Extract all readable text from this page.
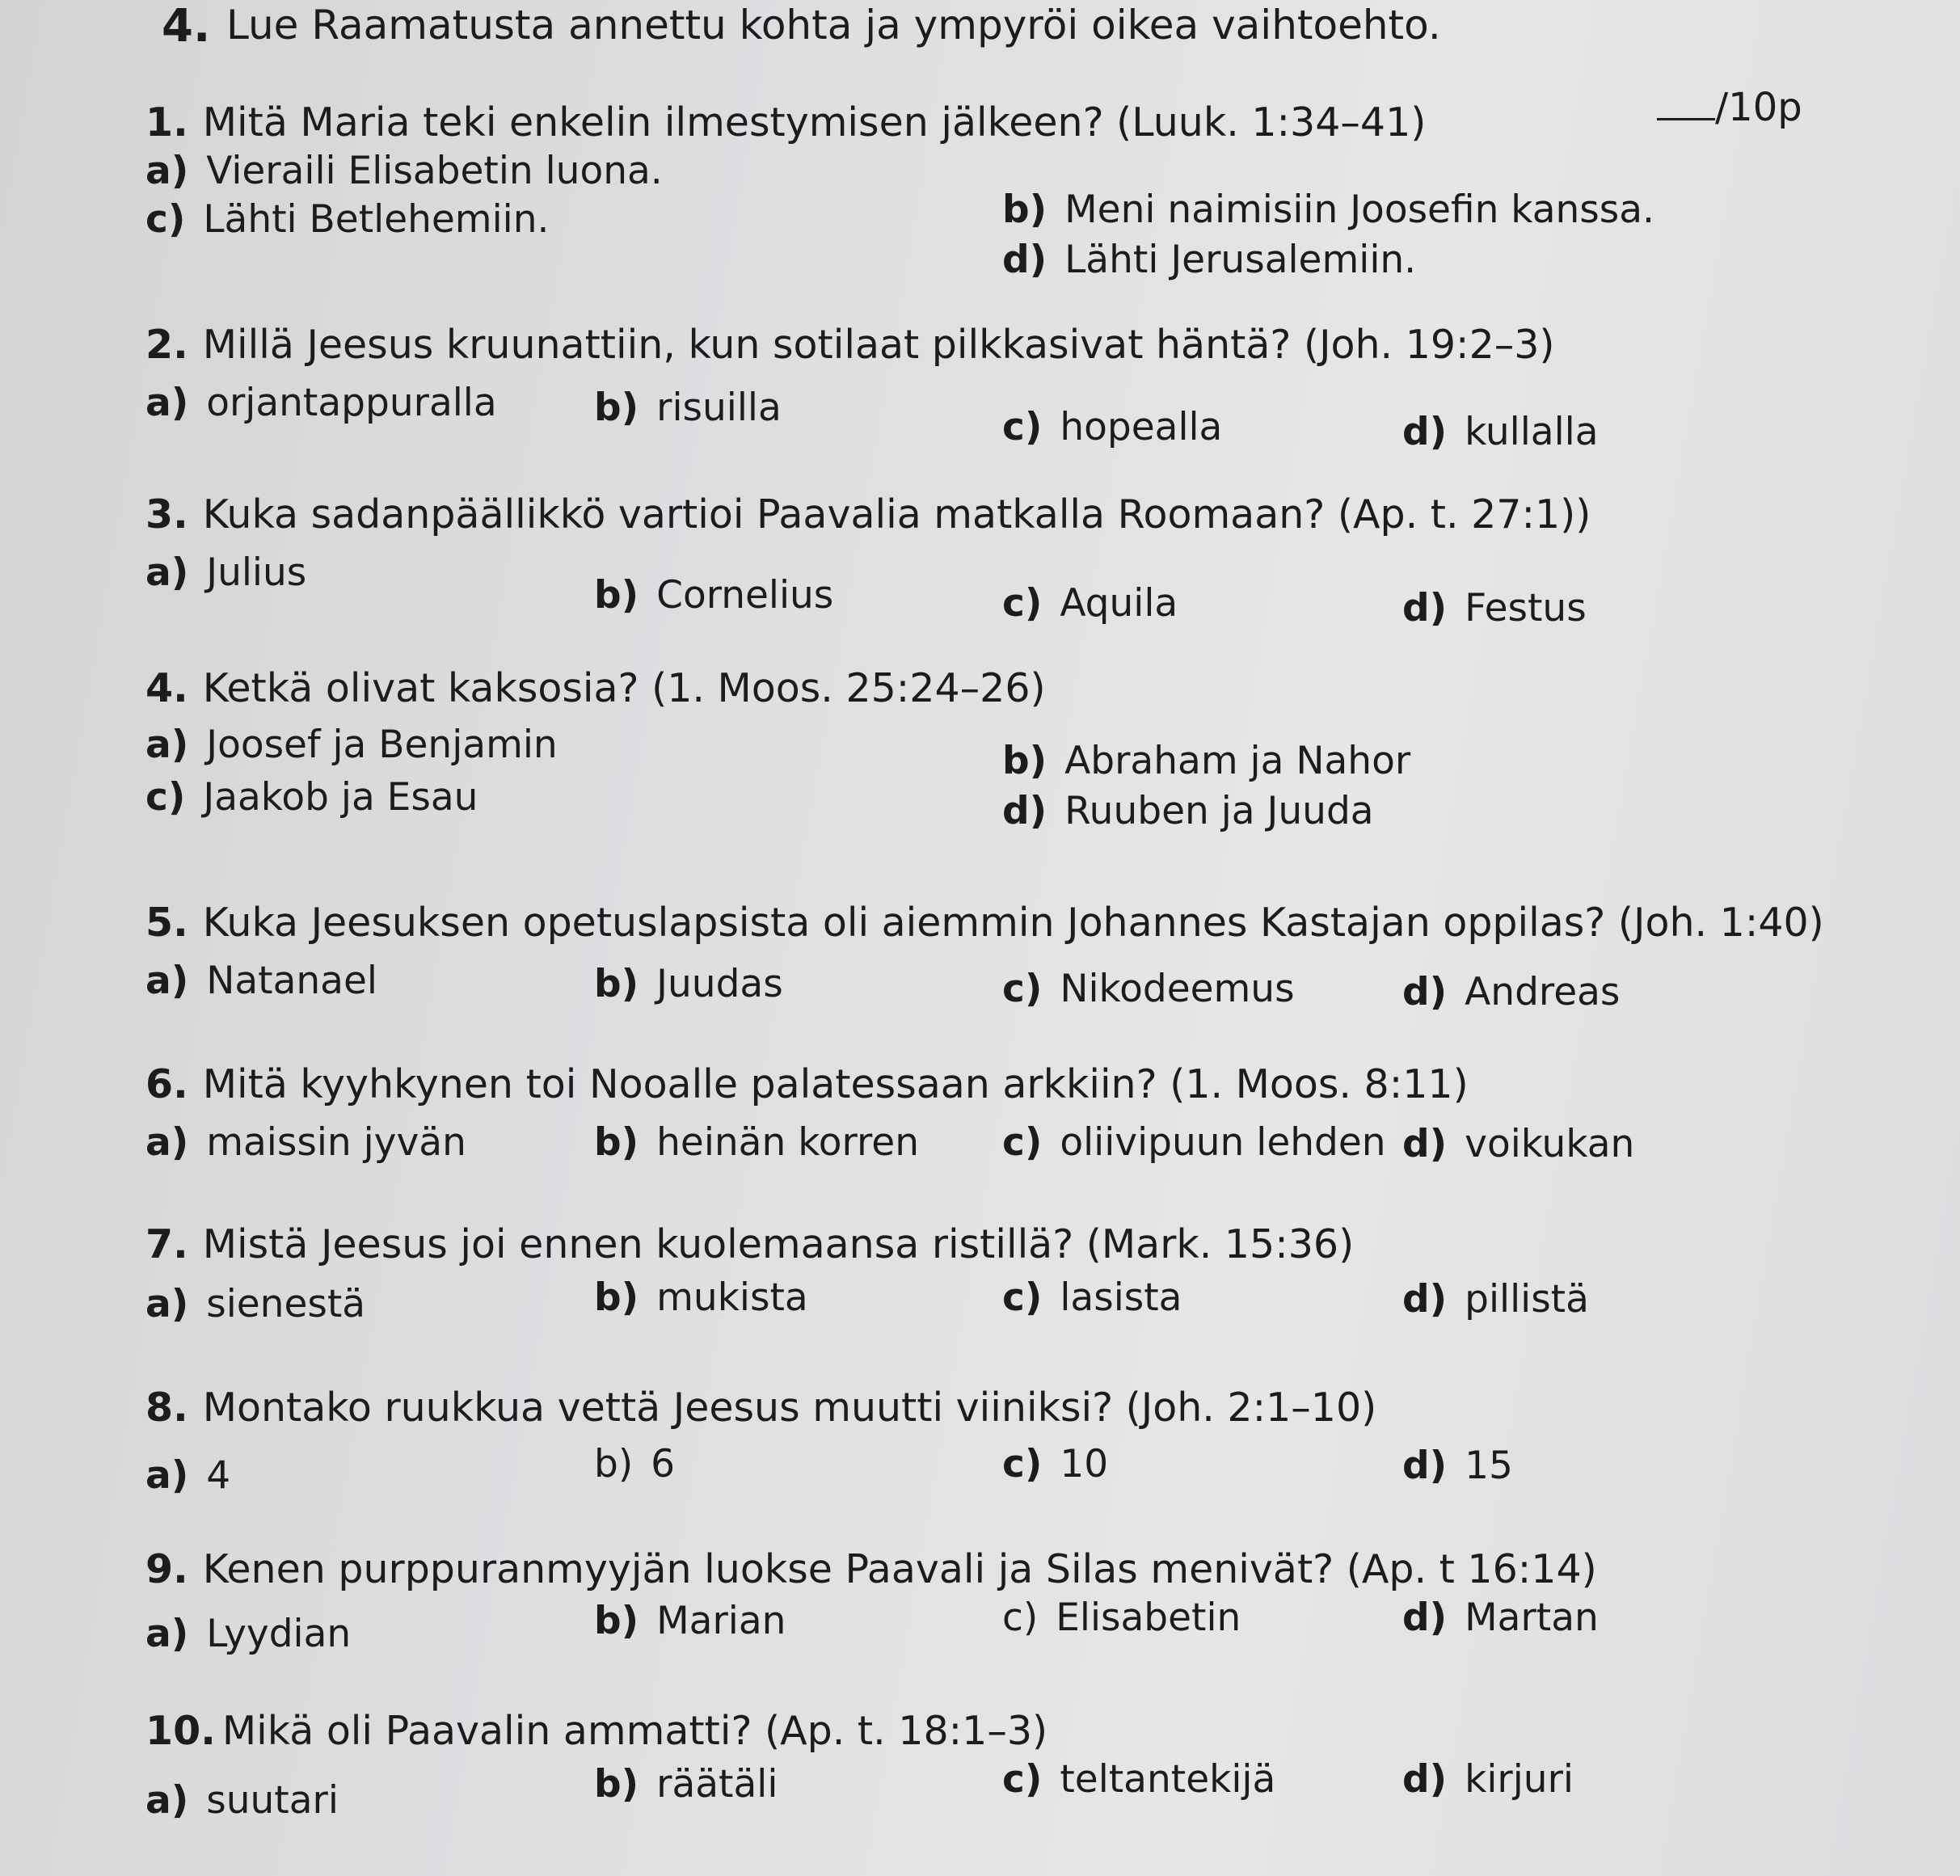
4. Lue Raamatusta annettu kohta ja ympyröi oikea vaihtoehto.
/10p
1. Mitä Maria teki enkelin ilmestymisen jälkeen? (Luuk. 1:34–41)
a) Vieraili Elisabetin luona.
b) Meni naimisiin Joosefin kanssa.
c) Lähti Betlehemiin.
d) Lähti Jerusalemiin.
2. Millä Jeesus kruunattiin, kun sotilaat pilkkasivat häntä? (Joh. 19:2–3)
a) orjantappuralla	b) risuilla	c) hopealla	d) kullalla
3. Kuka sadanpäällikkö vartioi Paavalia matkalla Roomaan? (Ap. t. 27:1))
a) Julius
b) Cornelius	c) Aquila	d) Festus
4. Ketkä olivat kaksosia? (1. Moos. 25:24–26)
a) Joosef ja Benjamin	b) Abraham ja Nahor
c) Jaakob ja Esau	d) Ruuben ja Juuda
5. Kuka Jeesuksen opetuslapsista oli aiemmin Johannes Kastajan oppilas? (Joh. 1:40)
a) Natanael	b) Juudas	c) Nikodeemus	d) Andreas
6. Mitä kyyhkynen toi Nooalle palatessaan arkkiin? (1. Moos. 8:11)
a) maissin jyvän	b) heinän korren c) oliivipuun lehden d) voikukan
7. Mistä Jeesus joi ennen kuolemaansa ristillä? (Mark. 15:36)
a) sienestä	b) mukista	c) lasista	d) pillistä
8. Montako ruukkua vettä Jeesus muutti viiniksi? (Joh. 2:1–10)
a) 4	b) 6	c) 10	d) 15
9. Kenen purppuranmyyjän luokse Paavali ja Silas menivät? (Ap. t 16:14)
a) Lyydian	b) Marian	c) Elisabetin	d) Martan
10. Mikä oli Paavalin ammatti? (Ap. t. 18:1–3)
a) suutari	b) räätäli	c) teltantekijä	d) kirjuri
